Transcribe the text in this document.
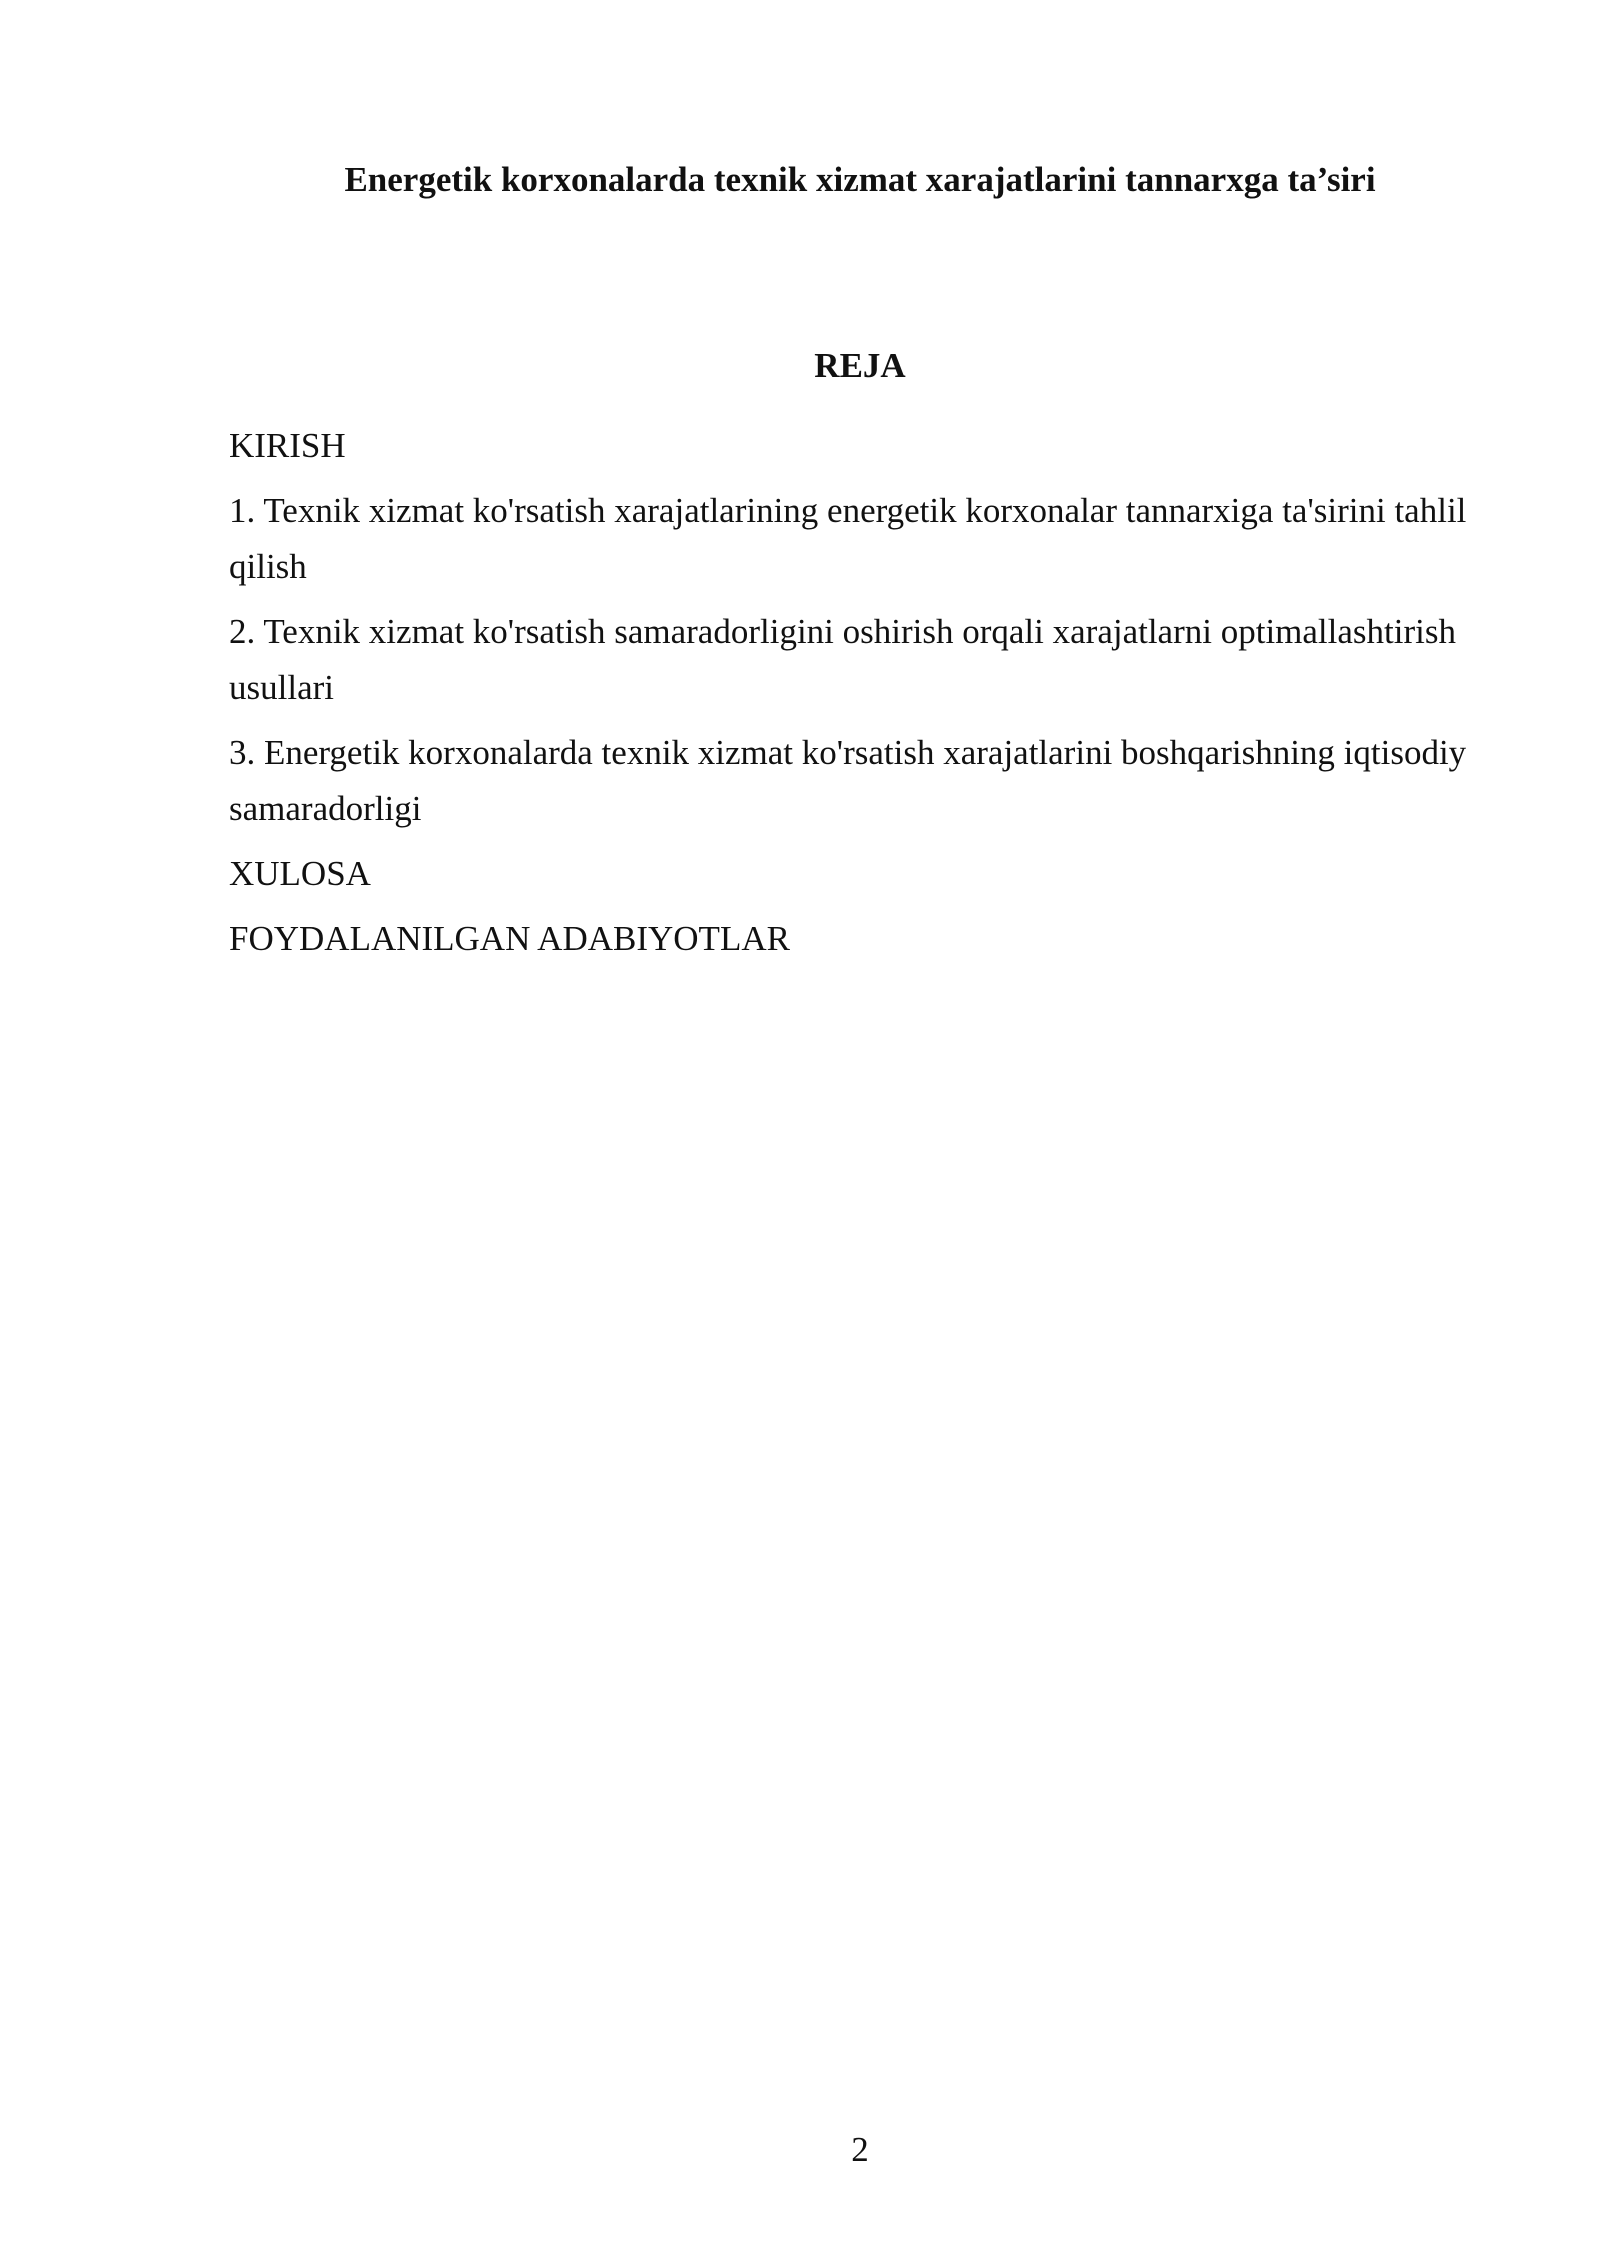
Energetik korxonalarda texnik xizmat xarajatlarini tannarxga ta’siri
REJA
KIRISH
1. Texnik xizmat ko'rsatish xarajatlarining energetik korxonalar tannarxiga ta'sirini tahlil qilish
2. Texnik xizmat ko'rsatish samaradorligini oshirish orqali xarajatlarni optimallashtirish usullari
3. Energetik korxonalarda texnik xizmat ko'rsatish xarajatlarini boshqarishning iqtisodiy samaradorligi
XULOSA
FOYDALANILGAN ADABIYOTLAR
2
